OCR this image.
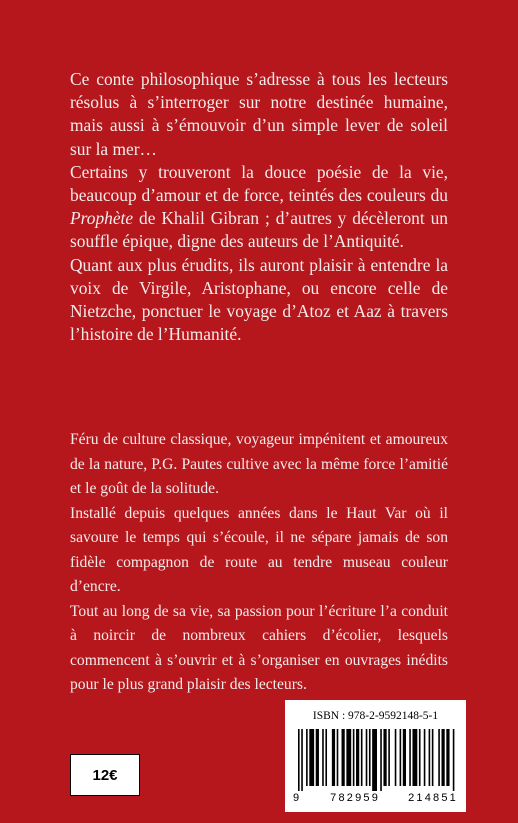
Ce conte philosophique s’adresse à tous les lecteurs résolus à s’interroger sur notre destinée humaine, mais aussi à s’émouvoir d’un simple lever de soleil sur la mer…

Certains y trouveront la douce poésie de la vie, beaucoup d’amour et de force, teintés des couleurs du Prophète de Khalil Gibran ; d’autres y décèleront un souffle épique, digne des auteurs de l’Antiquité.

Quant aux plus érudits, ils auront plaisir à entendre la voix de Virgile, Aristophane, ou encore celle de Nietzche, ponctuer le voyage d’Atoz et Aaz à travers l’histoire de l’Humanité.

Féru de culture classique, voyageur impénitent et amoureux de la nature, P.G. Pautes cultive avec la même force l’amitié et le goût de la solitude.

Installé depuis quelques années dans le Haut Var où il savoure le temps qui s’écoule, il ne sépare jamais de son fidèle compagnon de route au tendre museau couleur d’encre.

Tout au long de sa vie, sa passion pour l’écriture l’a conduit à noircir de nombreux cahiers d’écolier, lesquels commencent à s’ouvrir et à s’organiser en ouvrages inédits pour le plus grand plaisir des lecteurs.

12€
ISBN : 978-2-9592148-5-1
9	782959	214851
